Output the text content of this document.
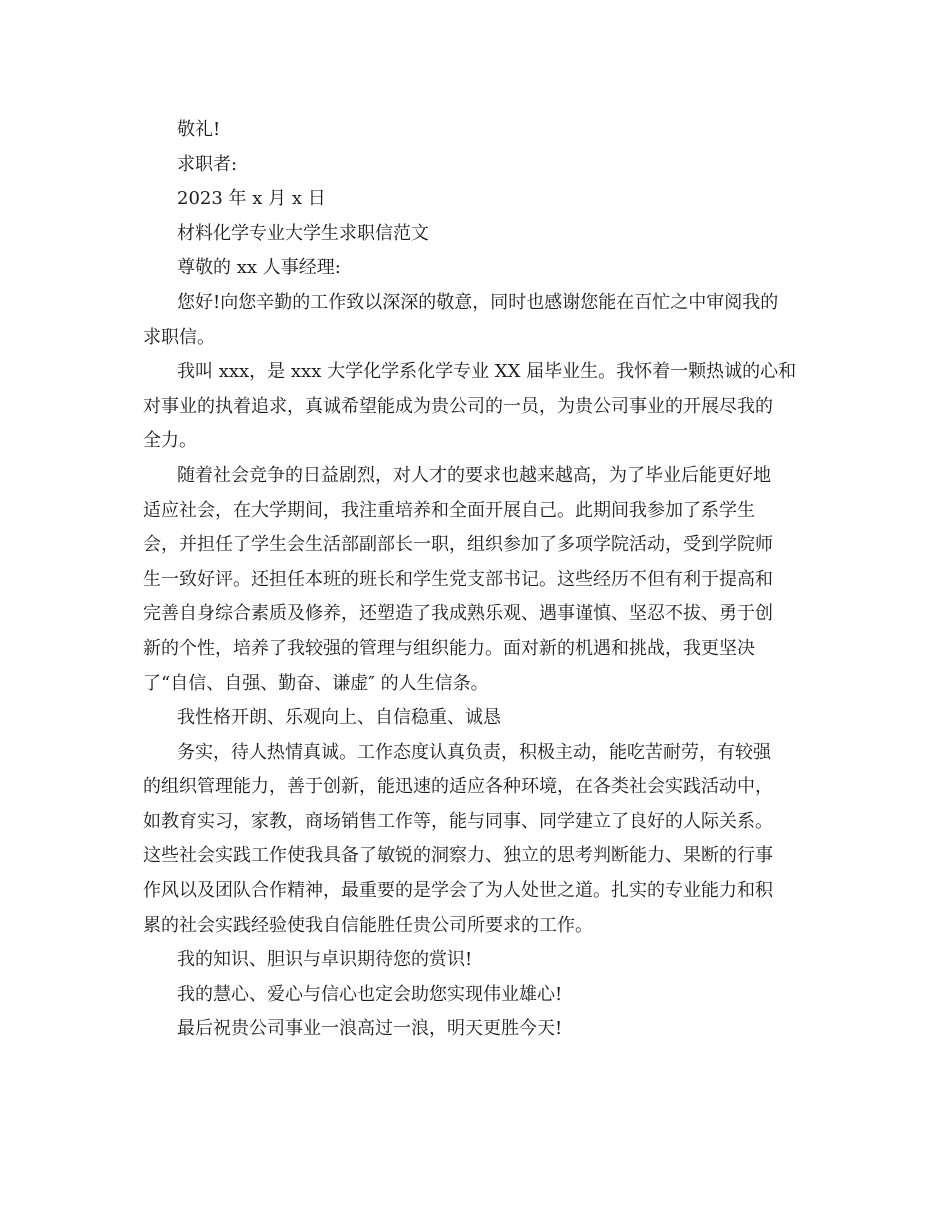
敬礼!
求职者:
2023 年 x 月 x 日
材料化学专业大学生求职信范文
尊敬的 xx 人事经理:
您好!向您辛勤的工作致以深深的敬意，同时也感谢您能在百忙之中审阅我的
求职信。
我叫 xxx，是 xxx 大学化学系化学专业 XX 届毕业生。我怀着一颗热诚的心和
对事业的执着追求，真诚希望能成为贵公司的一员，为贵公司事业的开展尽我的
全力。
随着社会竞争的日益剧烈，对人才的要求也越来越高，为了毕业后能更好地
适应社会，在大学期间，我注重培养和全面开展自己。此期间我参加了系学生
会，并担任了学生会生活部副部长一职，组织参加了多项学院活动，受到学院师
生一致好评。还担任本班的班长和学生党支部书记。这些经历不但有利于提高和
完善自身综合素质及修养，还塑造了我成熟乐观、遇事谨慎、坚忍不拔、勇于创
新的个性，培养了我较强的管理与组织能力。面对新的机遇和挑战，我更坚决
了“自信、自强、勤奋、谦虚″ 的人生信条。
我性格开朗、乐观向上、自信稳重、诚恳
务实，待人热情真诚。工作态度认真负责，积极主动，能吃苦耐劳，有较强
的组织管理能力，善于创新，能迅速的适应各种环境，在各类社会实践活动中，
如教育实习，家教，商场销售工作等，能与同事、同学建立了良好的人际关系。
这些社会实践工作使我具备了敏锐的洞察力、独立的思考判断能力、果断的行事
作风以及团队合作精神，最重要的是学会了为人处世之道。扎实的专业能力和积
累的社会实践经验使我自信能胜任贵公司所要求的工作。
我的知识、胆识与卓识期待您的赏识!
我的慧心、爱心与信心也定会助您实现伟业雄心!
最后祝贵公司事业一浪高过一浪，明天更胜今天!
